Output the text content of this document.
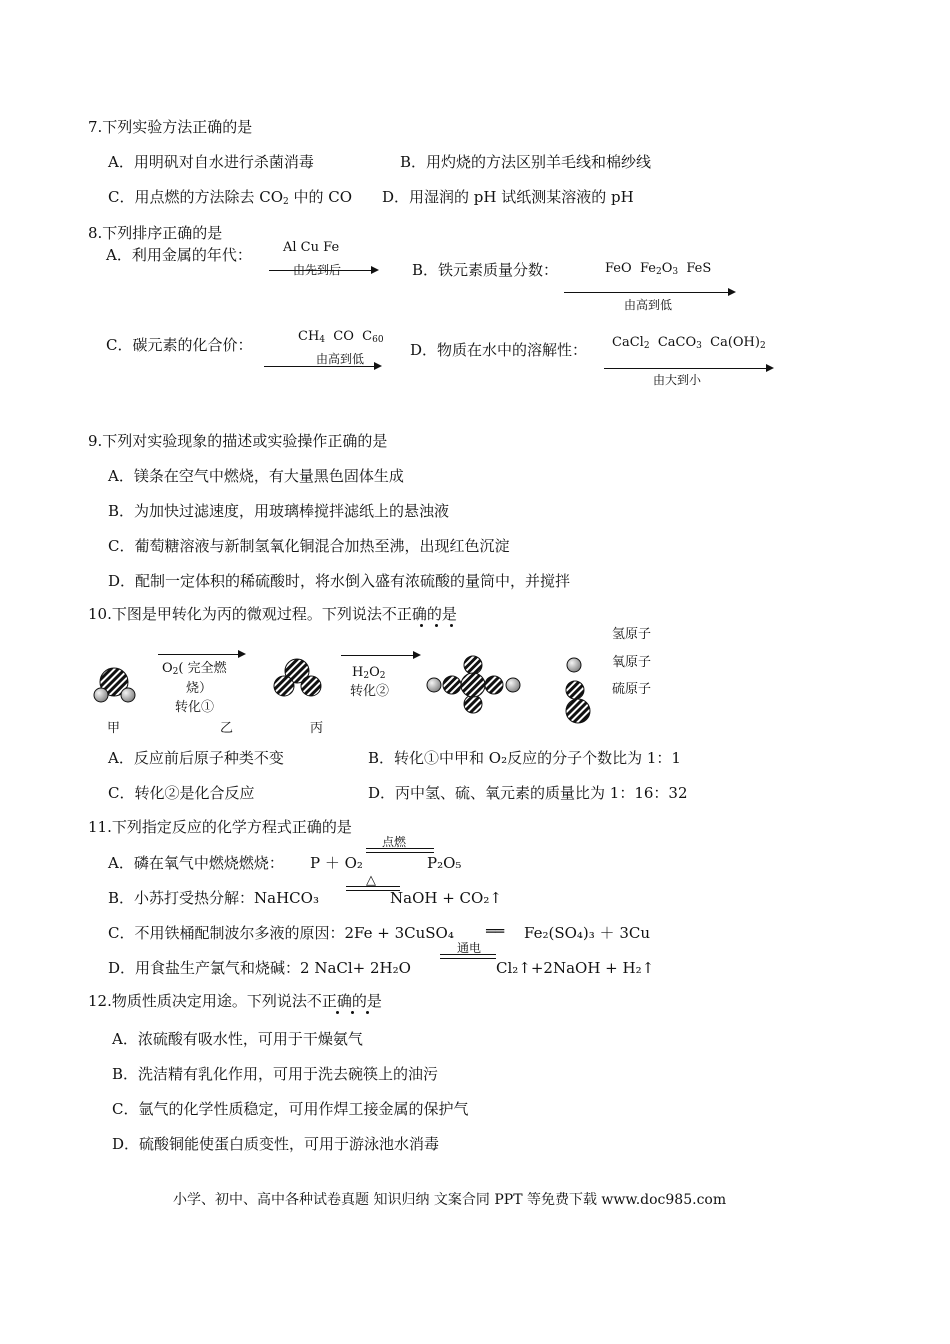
7.下列实验方法正确的是
A．用明矾对自水进行杀菌消毒	B．用灼烧的方法区别羊毛线和棉纱线
C．用点燃的方法除去 $CO_2$ 中的 CO D．用湿润的 pH 试纸测某溶液的 pH
8.下列排序正确的是
A．利用金属的年代： Al Cu Fe
由先到后	B．铁元素质量分数：	FeO $Fe_2O_3$ FeS
由高到低
C．碳元素的化合价：	$CH_4$ CO $C_{60}$
由高到低	D．物质在水中的溶解性： CaCl$_2$ CaCO$_3$ $Ca(OH)_2$
由大到小
9.下列对实验现象的描述或实验操作正确的是
A．镁条在空气中燃烧，有大量黑色固体生成
B．为加快过滤速度，用玻璃棒搅拌滤纸上的悬浊液
C．葡萄糖溶液与新制氢氧化铜混合加热至沸，出现红色沉淀
D．配制一定体积的稀硫酸时，将水倒入盛有浓硫酸的量筒中，并搅拌
10.下图是甲转化为丙的微观过程。下列说法不正确的是
$O_2$( 完全燃
烧）
转化①
$H_2O_2$
转化②
甲	乙	丙
氢原子
氧原子
硫原子
A．反应前后原子种类不变	B．转化①中甲和 O₂反应的分子个数比为 1：1
C．转化②是化合反应	D．丙中氢、硫、氧元素的质量比为 1：16：32
11.下列指定反应的化学方程式正确的是
A．磷在氧气中燃烧燃烧： P ＋ O₂
点燃
P₂O₅
B．小苏打受热分解：NaHCO₃
△
NaOH + CO₂↑
C．不用铁桶配制波尔多液的原因：2Fe + 3CuSO₄ ══ Fe₂(SO₄)₃ ＋ 3Cu
D．用食盐生产氯气和烧碱：2 NaCl+ 2H₂O
通电
Cl₂↑+2NaOH + H₂↑
12.物质性质决定用途。下列说法不正确的是
A．浓硫酸有吸水性，可用于干燥氨气
B．洗洁精有乳化作用，可用于洗去碗筷上的油污
C．氩气的化学性质稳定，可用作焊工接金属的保护气
D．硫酸铜能使蛋白质变性，可用于游泳池水消毒
小学、初中、高中各种试卷真题 知识归纳 文案合同 PPT 等免费下载 www.doc985.com
